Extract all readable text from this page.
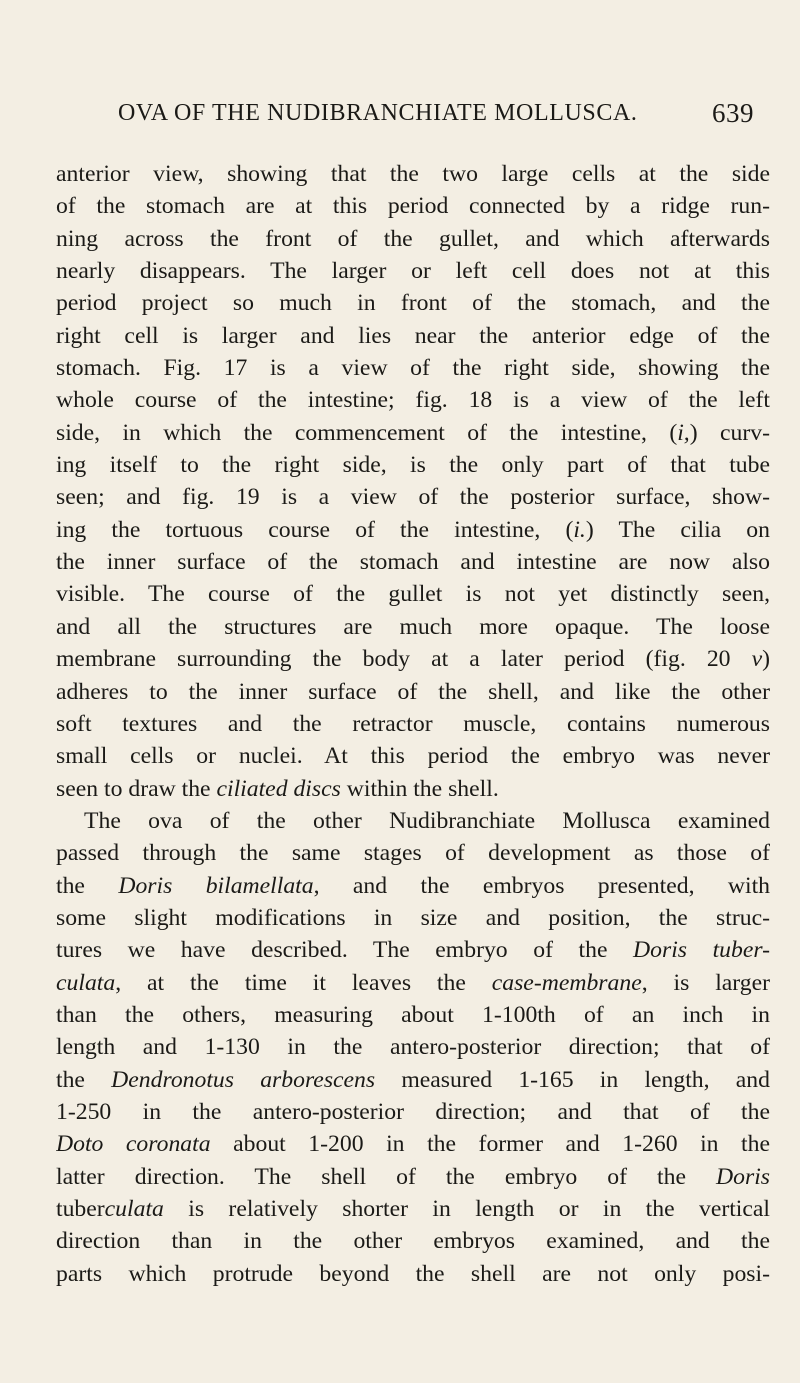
OVA OF THE NUDIBRANCHIATE MOLLUSCA.	639
anterior view, showing that the two large cells at the side
of the stomach are at this period connected by a ridge run-
ning across the front of the gullet, and which afterwards
nearly disappears. The larger or left cell does not at this
period project so much in front of the stomach, and the
right cell is larger and lies near the anterior edge of the
stomach. Fig. 17 is a view of the right side, showing the
whole course of the intestine; fig. 18 is a view of the left
side, in which the commencement of the intestine, (i,) curv-
ing itself to the right side, is the only part of that tube
seen; and fig. 19 is a view of the posterior surface, show-
ing the tortuous course of the intestine, (i.) The cilia on
the inner surface of the stomach and intestine are now also
visible. The course of the gullet is not yet distinctly seen,
and all the structures are much more opaque. The loose
membrane surrounding the body at a later period (fig. 20 v)
adheres to the inner surface of the shell, and like the other
soft textures and the retractor muscle, contains numerous
small cells or nuclei. At this period the embryo was never
seen to draw the ciliated discs within the shell.
The ova of the other Nudibranchiate Mollusca examined
passed through the same stages of development as those of
the Doris bilamellata, and the embryos presented, with
some slight modifications in size and position, the struc-
tures we have described. The embryo of the Doris tuber-
culata, at the time it leaves the case-membrane, is larger
than the others, measuring about 1-100th of an inch in
length and 1-130 in the antero-posterior direction; that of
the Dendronotus arborescens measured 1-165 in length, and
1-250 in the antero-posterior direction; and that of the
Doto coronata about 1-200 in the former and 1-260 in the
latter direction. The shell of the embryo of the Doris
tuberculata is relatively shorter in length or in the vertical
direction than in the other embryos examined, and the
parts which protrude beyond the shell are not only posi-
